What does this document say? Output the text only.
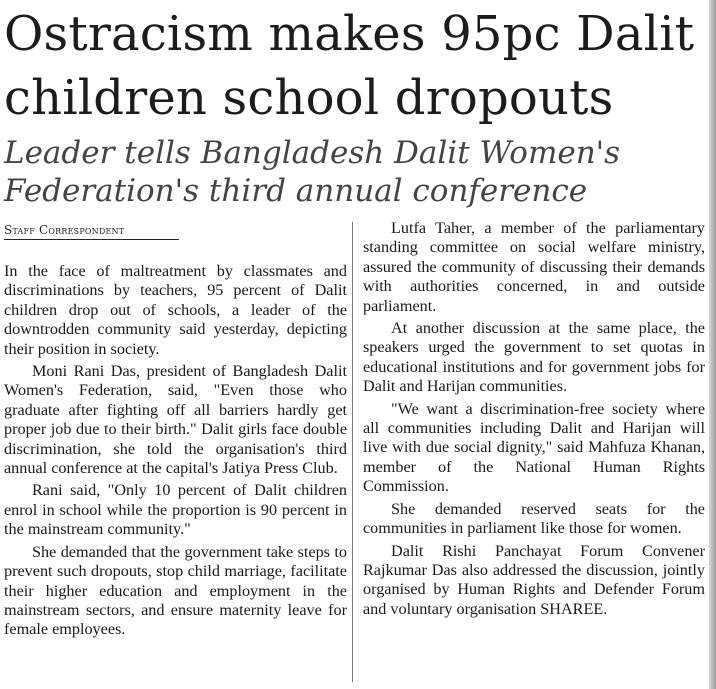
Ostracism makes 95pc Dalit children school dropouts
Leader tells Bangladesh Dalit Women's Federation's third annual conference
Staff Correspondent

In the face of maltreatment by classmates and discriminations by teachers, 95 percent of Dalit children drop out of schools, a leader of the downtrodden community said yesterday, depicting their position in society.

Moni Rani Das, president of Bangladesh Dalit Women's Federation, said, "Even those who graduate after fighting off all barriers hardly get proper job due to their birth." Dalit girls face double discrimination, she told the organisation's third annual conference at the capital's Jatiya Press Club.

Rani said, "Only 10 percent of Dalit children enrol in school while the proportion is 90 percent in the mainstream community."

She demanded that the government take steps to prevent such dropouts, stop child marriage, facilitate their higher education and employment in the mainstream sectors, and ensure maternity leave for female employees.

Lutfa Taher, a member of the parliamentary standing committee on social welfare ministry, assured the community of discussing their demands with authorities concerned, in and outside parliament.

At another discussion at the same place, the speakers urged the government to set quotas in educational institutions and for government jobs for Dalit and Harijan communities.

"We want a discrimination-free society where all communities including Dalit and Harijan will live with due social dignity," said Mahfuza Khanan, member of the National Human Rights Commission.

She demanded reserved seats for the communities in parliament like those for women.

Dalit Rishi Panchayat Forum Convener Rajkumar Das also addressed the discussion, jointly organised by Human Rights and Defender Forum and voluntary organisation SHAREE.
